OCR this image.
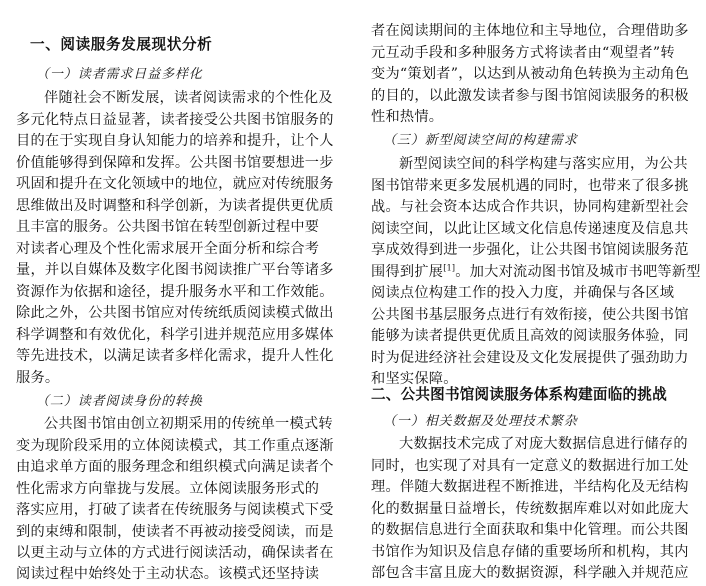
一、阅读服务发展现状分析
（一）读者需求日益多样化
伴随社会不断发展，读者阅读需求的个性化及
多元化特点日益显著，读者接受公共图书馆服务的
目的在于实现自身认知能力的培养和提升，让个人
价值能够得到保障和发挥。公共图书馆要想进一步
巩固和提升在文化领域中的地位，就应对传统服务
思维做出及时调整和科学创新，为读者提供更优质
且丰富的服务。公共图书馆在转型创新过程中要
对读者心理及个性化需求展开全面分析和综合考
量，并以自媒体及数字化图书阅读推广平台等诸多
资源作为依据和途径，提升服务水平和工作效能。
除此之外，公共图书馆应对传统纸质阅读模式做出
科学调整和有效优化，科学引进并规范应用多媒体
等先进技术，以满足读者多样化需求，提升人性化
服务。
（二）读者阅读身份的转换
公共图书馆由创立初期采用的传统单一模式转
变为现阶段采用的立体阅读模式，其工作重点逐渐
由追求单方面的服务理念和组织模式向满足读者个
性化需求方向靠拢与发展。立体阅读服务形式的
落实应用，打破了读者在传统服务与阅读模式下受
到的束缚和限制，使读者不再被动接受阅读，而是
以更主动与立体的方式进行阅读活动，确保读者在
阅读过程中始终处于主动状态。该模式还坚持读
者在阅读期间的主体地位和主导地位，合理借助多
元互动手段和多种服务方式将读者由“观望者”转
变为“策划者”，以达到从被动角色转换为主动角色
的目的，以此激发读者参与图书馆阅读服务的积极
性和热情。
（三）新型阅读空间的构建需求
新型阅读空间的科学构建与落实应用，为公共
图书馆带来更多发展机遇的同时，也带来了很多挑
战。与社会资本达成合作共识，协同构建新型社会
阅读空间，以此让区域文化信息传递速度及信息共
享成效得到进一步强化，让公共图书馆阅读服务范
围得到扩展[1]。加大对流动图书馆及城市书吧等新型
阅读点位构建工作的投入力度，并确保与各区域
公共图书基层服务点进行有效衔接，使公共图书馆
能够为读者提供更优质且高效的阅读服务体验，同
时为促进经济社会建设及文化发展提供了强劲助力
和坚实保障。
二、公共图书馆阅读服务体系构建面临的挑战
（一）相关数据及处理技术繁杂
大数据技术完成了对庞大数据信息进行储存的
同时，也实现了对具有一定意义的数据进行加工处
理。伴随大数据进程不断推进，半结构化及无结构
化的数据量日益增长，传统数据库难以对如此庞大
的数据信息进行全面获取和集中化管理。而公共图
书馆作为知识及信息存储的重要场所和机构，其内
部包含丰富且庞大的数据资源，科学融入并规范应
